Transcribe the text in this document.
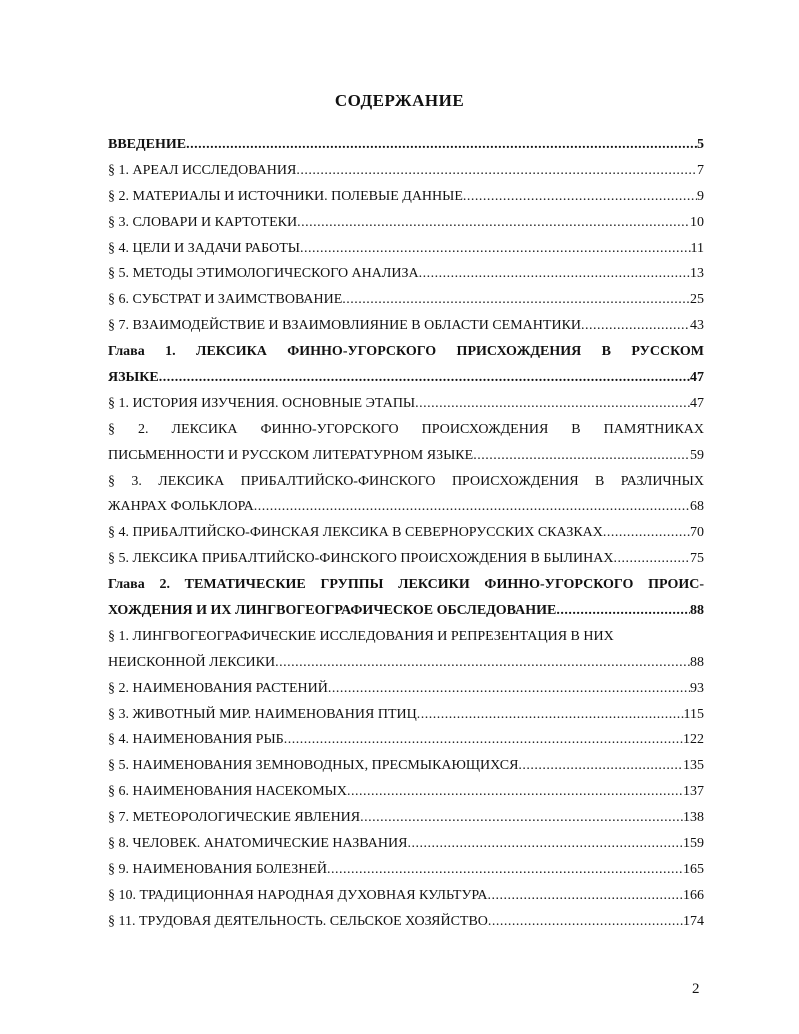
СОДЕРЖАНИЕ
ВВЕДЕНИЕ .....	5
§ 1. АРЕАЛ ИССЛЕДОВАНИЯ .....	7
§ 2. МАТЕРИАЛЫ И ИСТОЧНИКИ. ПОЛЕВЫЕ ДАННЫЕ .....	9
§ 3. СЛОВАРИ И КАРТОТЕКИ .....	10
§ 4. ЦЕЛИ И ЗАДАЧИ РАБОТЫ .....	11
§ 5. МЕТОДЫ ЭТИМОЛОГИЧЕСКОГО АНАЛИЗА .....	13
§ 6. СУБСТРАТ И ЗАИМСТВОВАНИЕ .....	25
§ 7. ВЗАИМОДЕЙСТВИЕ И ВЗАИМОВЛИЯНИЕ В ОБЛАСТИ СЕМАНТИКИ .....	43
Глава 1. ЛЕКСИКА ФИННО-УГОРСКОГО ПРИСХОЖДЕНИЯ В РУССКОМ
ЯЗЫКЕ .....	47
§ 1. ИСТОРИЯ ИЗУЧЕНИЯ. ОСНОВНЫЕ ЭТАПЫ .....	47
§ 2. ЛЕКСИКА ФИННО-УГОРСКОГО ПРОИСХОЖДЕНИЯ В ПАМЯТНИКАХ
ПИСЬМЕННОСТИ И РУССКОМ ЛИТЕРАТУРНОМ ЯЗЫКЕ .....	59
§ 3. ЛЕКСИКА ПРИБАЛТИЙСКО-ФИНСКОГО ПРОИСХОЖДЕНИЯ В РАЗЛИЧНЫХ
ЖАНРАХ ФОЛЬКЛОРА .....	68
§ 4. ПРИБАЛТИЙСКО-ФИНСКАЯ ЛЕКСИКА В СЕВЕРНОРУССКИХ СКАЗКАХ .....	70
§ 5. ЛЕКСИКА ПРИБАЛТИЙСКО-ФИНСКОГО ПРОИСХОЖДЕНИЯ В БЫЛИНАХ .....	75
Глава 2. ТЕМАТИЧЕСКИЕ ГРУППЫ ЛЕКСИКИ ФИННО-УГОРСКОГО ПРОИС-
ХОЖДЕНИЯ И ИХ ЛИНГВОГЕОГРАФИЧЕСКОЕ ОБСЛЕДОВАНИЕ .....	88
§ 1. ЛИНГВОГЕОГРАФИЧЕСКИЕ ИССЛЕДОВАНИЯ И РЕПРЕЗЕНТАЦИЯ В НИХ
НЕИСКОННОЙ ЛЕКСИКИ .....	88
§ 2. НАИМЕНОВАНИЯ РАСТЕНИЙ .....	93
§ 3. ЖИВОТНЫЙ МИР. НАИМЕНОВАНИЯ ПТИЦ .....	115
§ 4. НАИМЕНОВАНИЯ РЫБ .....	122
§ 5. НАИМЕНОВАНИЯ ЗЕМНОВОДНЫХ, ПРЕСМЫКАЮЩИХСЯ .....	135
§ 6. НАИМЕНОВАНИЯ НАСЕКОМЫХ .....	137
§ 7. МЕТЕОРОЛОГИЧЕСКИЕ ЯВЛЕНИЯ .....	138
§ 8. ЧЕЛОВЕК. АНАТОМИЧЕСКИЕ НАЗВАНИЯ .....	159
§ 9. НАИМЕНОВАНИЯ БОЛЕЗНЕЙ .....	165
§ 10. ТРАДИЦИОННАЯ НАРОДНАЯ ДУХОВНАЯ КУЛЬТУРА .....	166
§ 11. ТРУДОВАЯ ДЕЯТЕЛЬНОСТЬ. СЕЛЬСКОЕ ХОЗЯЙСТВО .....	174
2
